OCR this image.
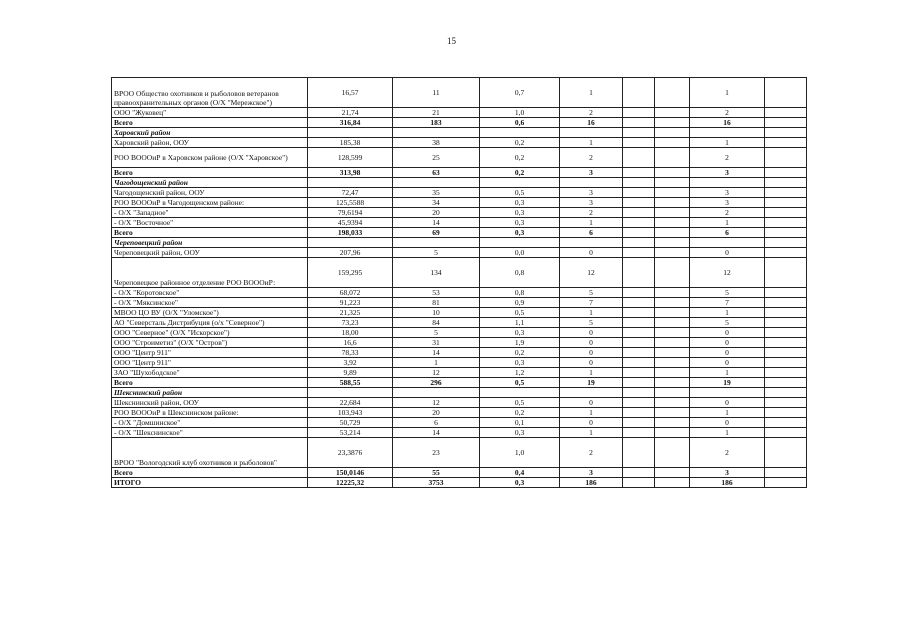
15
ВРОО Общество охотников и рыболовов ветеранов правоохранительных органов (О/Х "Мережское")	16,57	11	0,7	1			1	
ООО "Жуковец"	21,74	21	1,0	2			2	
Всего	316,84	183	0,6	16			16	
Харовский район								
Харовский район, ООУ	185,38	38	0,2	1			1	
РОО ВОООиР в Харовском районе (О/Х "Харовское")	128,599	25	0,2	2			2	
Всего	313,98	63	0,2	3			3	
Чагодощенский район								
Чагодощенский район, ООУ	72,47	35	0,5	3			3	
РОО ВОООиР в Чагодощенском районе:	125,5588	34	0,3	3			3	
- О/Х "Западное"	79,6194	20	0,3	2			2	
- О/Х "Восточное"	45,9394	14	0,3	1			1	
Всего	198,033	69	0,3	6			6	
Череповецкий район								
Череповецкий район, ООУ	207,96	5	0,0	0			0	
Череповецкое районное отделение РОО ВОООиР:	159,295	134	0,8	12			12	
- О/Х "Коротовское"	68,072	53	0,8	5			5	
- О/Х "Мяксинское"	91,223	81	0,9	7			7	
МВОО ЦО ВУ (О/Х "Уломское")	21,325	10	0,5	1			1	
АО "Северсталь Дистрибуция (о/х "Северное")	73,23	84	1,1	5			5	
ООО "Северное" (О/Х "Искорское")	18,00	5	0,3	0			0	
ООО "Строиметиз" (О/Х "Остров")	16,6	31	1,9	0			0	
ООО "Центр 911"	78,33	14	0,2	0			0	
ООО "Центр 911"	3,92	1	0,3	0			0	
ЗАО "Шухободское"	9,89	12	1,2	1			1	
Всего	588,55	296	0,5	19			19	
Шекснинский район								
Шекснинский район, ООУ	22,684	12	0,5	0			0	
РОО ВОООиР в Шекснинском районе:	103,943	20	0,2	1			1	
- О/Х "Домшинское"	50,729	6	0,1	0			0	
- О/Х "Шекснинское"	53,214	14	0,3	1			1	
ВРОО "Вологодский клуб охотников и рыболовов"	23,3876	23	1,0	2			2	
Всего	150,0146	55	0,4	3			3	
ИТОГО	12225,32	3753	0,3	186			186	
